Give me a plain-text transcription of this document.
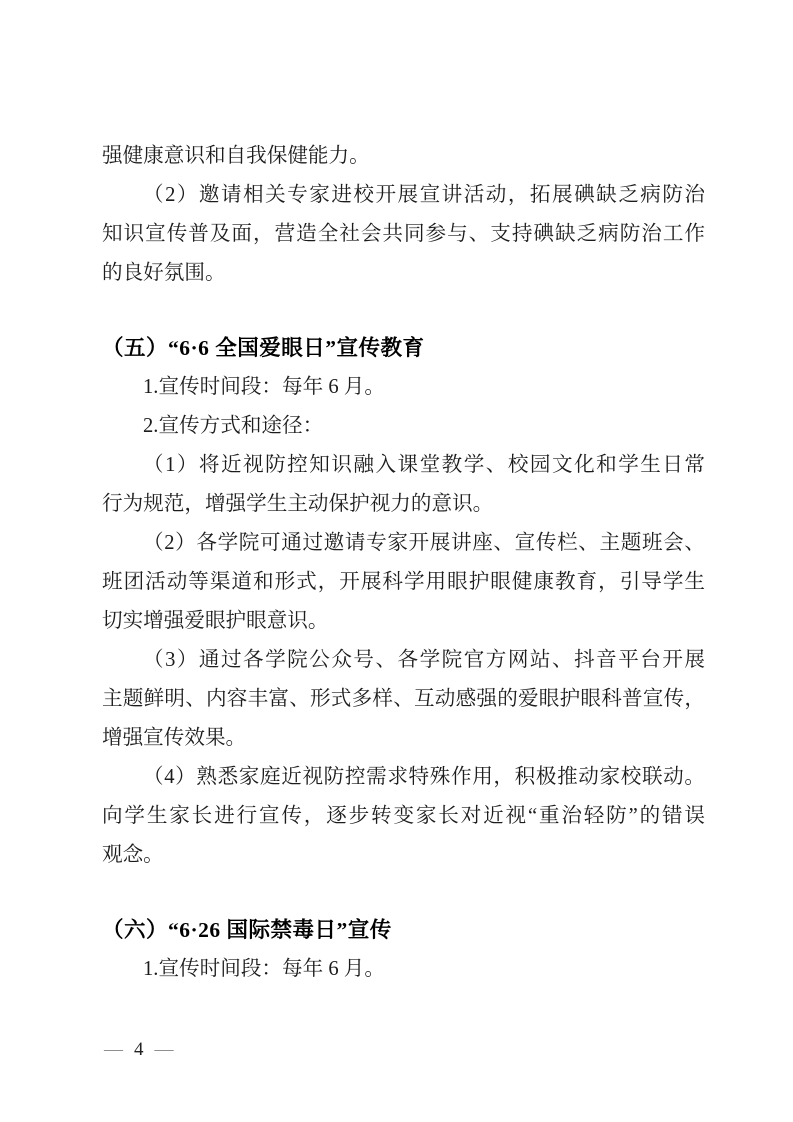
强健康意识和自我保健能力。
（2）邀请相关专家进校开展宣讲活动，拓展碘缺乏病防治
知识宣传普及面，营造全社会共同参与、支持碘缺乏病防治工作
的良好氛围。
（五）“6·6 全国爱眼日”宣传教育
1.宣传时间段：每年 6 月。
2.宣传方式和途径：
（1）将近视防控知识融入课堂教学、校园文化和学生日常
行为规范，增强学生主动保护视力的意识。
（2）各学院可通过邀请专家开展讲座、宣传栏、主题班会、
班团活动等渠道和形式，开展科学用眼护眼健康教育，引导学生
切实增强爱眼护眼意识。
（3）通过各学院公众号、各学院官方网站、抖音平台开展
主题鲜明、内容丰富、形式多样、互动感强的爱眼护眼科普宣传，
增强宣传效果。
（4）熟悉家庭近视防控需求特殊作用，积极推动家校联动。
向学生家长进行宣传，逐步转变家长对近视“重治轻防”的错误
观念。
（六）“6·26 国际禁毒日”宣传
1.宣传时间段：每年 6 月。
— 4 —
